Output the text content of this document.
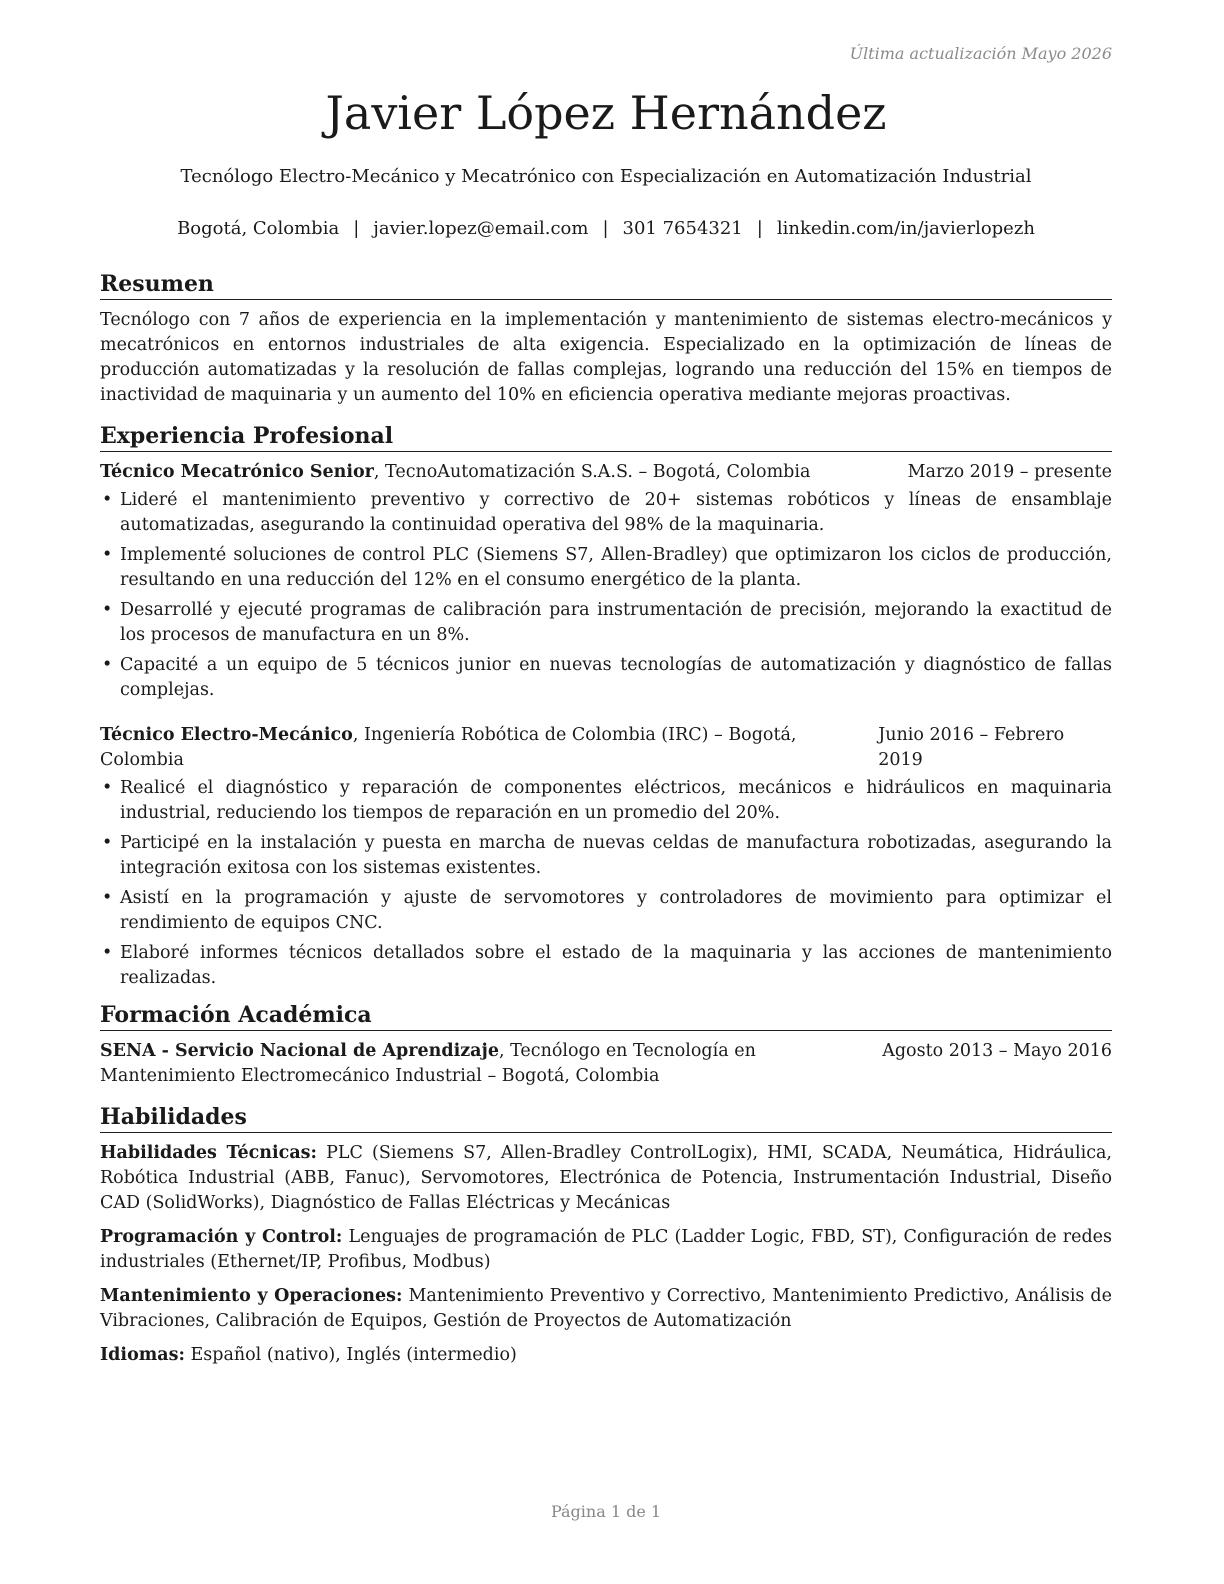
Última actualización Mayo 2026
Javier López Hernández
Tecnólogo Electro-Mecánico y Mecatrónico con Especialización en Automatización Industrial
Bogotá, Colombia | javier.lopez@email.com | 301 7654321 | linkedin.com/in/javierlopezh
Resumen

Tecnólogo con 7 años de experiencia en la implementación y mantenimiento de sistemas electro-mecánicos y mecatrónicos en entornos industriales de alta exigencia. Especializado en la optimización de líneas de producción automatizadas y la resolución de fallas complejas, logrando una reducción del 15% en tiempos de inactividad de maquinaria y un aumento del 10% en eficiencia operativa mediante mejoras proactivas.

Experiencia Profesional
Técnico Mecatrónico Senior, TecnoAutomatización S.A.S. – Bogotá, Colombia	Marzo 2019 – presente
• Lideré el mantenimiento preventivo y correctivo de 20+ sistemas robóticos y líneas de ensamblaje automatizadas, asegurando la continuidad operativa del 98% de la maquinaria.
• Implementé soluciones de control PLC (Siemens S7, Allen-Bradley) que optimizaron los ciclos de producción, resultando en una reducción del 12% en el consumo energético de la planta.
• Desarrollé y ejecuté programas de calibración para instrumentación de precisión, mejorando la exactitud de los procesos de manufactura en un 8%.
• Capacité a un equipo de 5 técnicos junior en nuevas tecnologías de automatización y diagnóstico de fallas complejas.
Técnico Electro-Mecánico, Ingeniería Robótica de Colombia (IRC) – Bogotá, Colombia
Junio 2016 – Febrero 2019
• Realicé el diagnóstico y reparación de componentes eléctricos, mecánicos e hidráulicos en maquinaria industrial, reduciendo los tiempos de reparación en un promedio del 20%.
• Participé en la instalación y puesta en marcha de nuevas celdas de manufactura robotizadas, asegurando la integración exitosa con los sistemas existentes.
• Asistí en la programación y ajuste de servomotores y controladores de movimiento para optimizar el rendimiento de equipos CNC.
• Elaboré informes técnicos detallados sobre el estado de la maquinaria y las acciones de mantenimiento realizadas.
Formación Académica
SENA - Servicio Nacional de Aprendizaje, Tecnólogo en Tecnología en Mantenimiento Electromecánico Industrial – Bogotá, Colombia
Agosto 2013 – Mayo 2016
Habilidades

Habilidades Técnicas: PLC (Siemens S7, Allen-Bradley ControlLogix), HMI, SCADA, Neumática, Hidráulica, Robótica Industrial (ABB, Fanuc), Servomotores, Electrónica de Potencia, Instrumentación Industrial, Diseño CAD (SolidWorks), Diagnóstico de Fallas Eléctricas y Mecánicas

Programación y Control: Lenguajes de programación de PLC (Ladder Logic, FBD, ST), Configuración de redes industriales (Ethernet/IP, Profibus, Modbus)

Mantenimiento y Operaciones: Mantenimiento Preventivo y Correctivo, Mantenimiento Predictivo, Análisis de Vibraciones, Calibración de Equipos, Gestión de Proyectos de Automatización

Idiomas: Español (nativo), Inglés (intermedio)

Página 1 de 1
